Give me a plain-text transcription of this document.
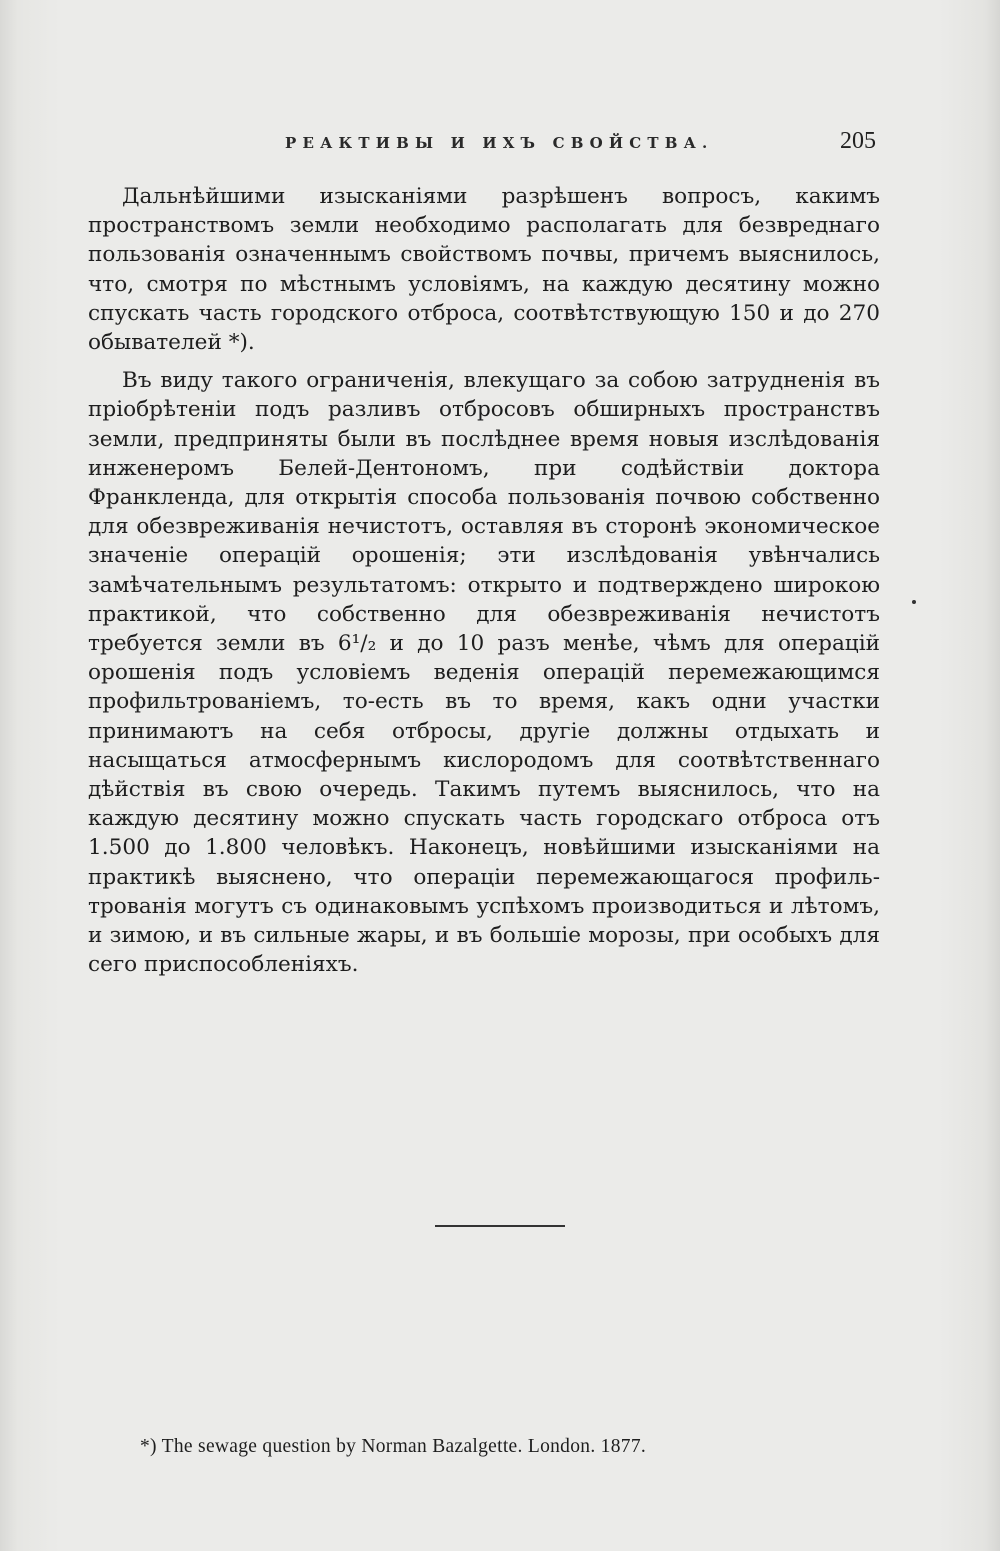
РЕАКТИВЫ И ИХЪ СВОЙСТВА.	205

Дальнѣйшими изысканіями разрѣшенъ вопросъ, какимъ пространствомъ земли необходимо располагать для безвреднаго пользованія означеннымъ свойствомъ почвы, причемъ выяснилось, что, смотря по мѣстнымъ условіямъ, на каждую десятину можно спускать часть городского отброса, соотвѣтствующую 150 и до 270 обывателей *).

Въ виду такого ограниченія, влекущаго за собою затрудненія въ пріобрѣтеніи подъ разливъ отбросовъ обширныхъ пространствъ земли, предприняты были въ послѣднее время новыя изслѣдованія инженеромъ Белей-Дентономъ, при содѣйствіи доктора Франкленда, для открытія способа пользованія почвою собственно для обезвреживанія нечистотъ, оставляя въ сторонѣ экономическое значеніе операцій орошенія; эти изслѣдованія увѣнчались замѣчательнымъ результатомъ: открыто и подтверждено широкою практикой, что собственно для обезвреживанія нечистотъ требуется земли въ 6¹/₂ и до 10 разъ менѣе, чѣмъ для операцій орошенія подъ условіемъ веденія операцій перемежающимся профильтрованіемъ, то-есть въ то время, какъ одни участки принимаютъ на себя отбросы, другіе должны отдыхать и насыщаться атмосфернымъ кислородомъ для соотвѣтственнаго дѣйствія въ свою очередь. Такимъ путемъ выяснилось, что на каждую десятину можно спускать часть городскаго отброса отъ 1.500 до 1.800 человѣкъ. Наконецъ, новѣйшими изысканіями на практикѣ выяснено, что операціи перемежающагося профильтрованія могутъ съ одинаковымъ успѣхомъ производиться и лѣтомъ, и зимою, и въ сильные жары, и въ большіе морозы, при особыхъ для сего приспособленіяхъ.

*) The sewage question by Norman Bazalgette. London. 1877.
